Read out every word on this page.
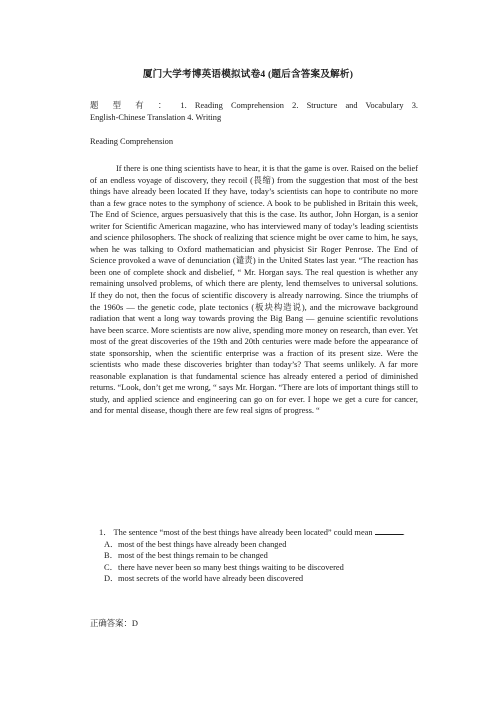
厦门大学考博英语模拟试卷4 (题后含答案及解析)
题 型 有 ： 1. Reading Comprehension 2. Structure and Vocabulary 3.
English-Chinese Translation 4. Writing
Reading Comprehension

If there is one thing scientists have to hear, it is that the game is over. Raised on the belief of an endless voyage of discovery, they recoil (畏缩) from the suggestion that most of the best things have already been located If they have, today’s scientists can hope to contribute no more than a few grace notes to the symphony of science. A book to be published in Britain this week, The End of Science, argues persuasively that this is the case. Its author, John Horgan, is a senior writer for Scientific American magazine, who has interviewed many of today’s leading scientists and science philosophers. The shock of realizing that science might be over came to him, he says, when he was talking to Oxford mathematician and physicist Sir Roger Penrose. The End of Science provoked a wave of denunciation (谴责) in the United States last year. “The reaction has been one of complete shock and disbelief, “ Mr. Horgan says. The real question is whether any remaining unsolved problems, of which there are plenty, lend themselves to universal solutions. If they do not, then the focus of scientific discovery is already narrowing. Since the triumphs of the 1960s — the genetic code, plate tectonics (板块构造说), and the microwave background radiation that went a long way towards proving the Big Bang — genuine scientific revolutions have been scarce. More scientists are now alive, spending more money on research, than ever. Yet most of the great discoveries of the 19th and 20th centuries were made before the appearance of state sponsorship, when the scientific enterprise was a fraction of its present size. Were the scientists who made these discoveries brighter than today’s? That seems unlikely. A far more reasonable explanation is that fundamental science has already entered a period of diminished returns. “Look, don’t get me wrong, “ says Mr. Horgan. “There are lots of important things still to study, and applied science and engineering can go on for ever. I hope we get a cure for cancer, and for mental disease, though there are few real signs of progress. “

1． The sentence “most of the best things have already been located” could mean	.

A．most of the best things have already been changed
B．most of the best things remain to be changed
C．there have never been so many best things waiting to be discovered
D．most secrets of the world have already been discovered
正确答案：D
